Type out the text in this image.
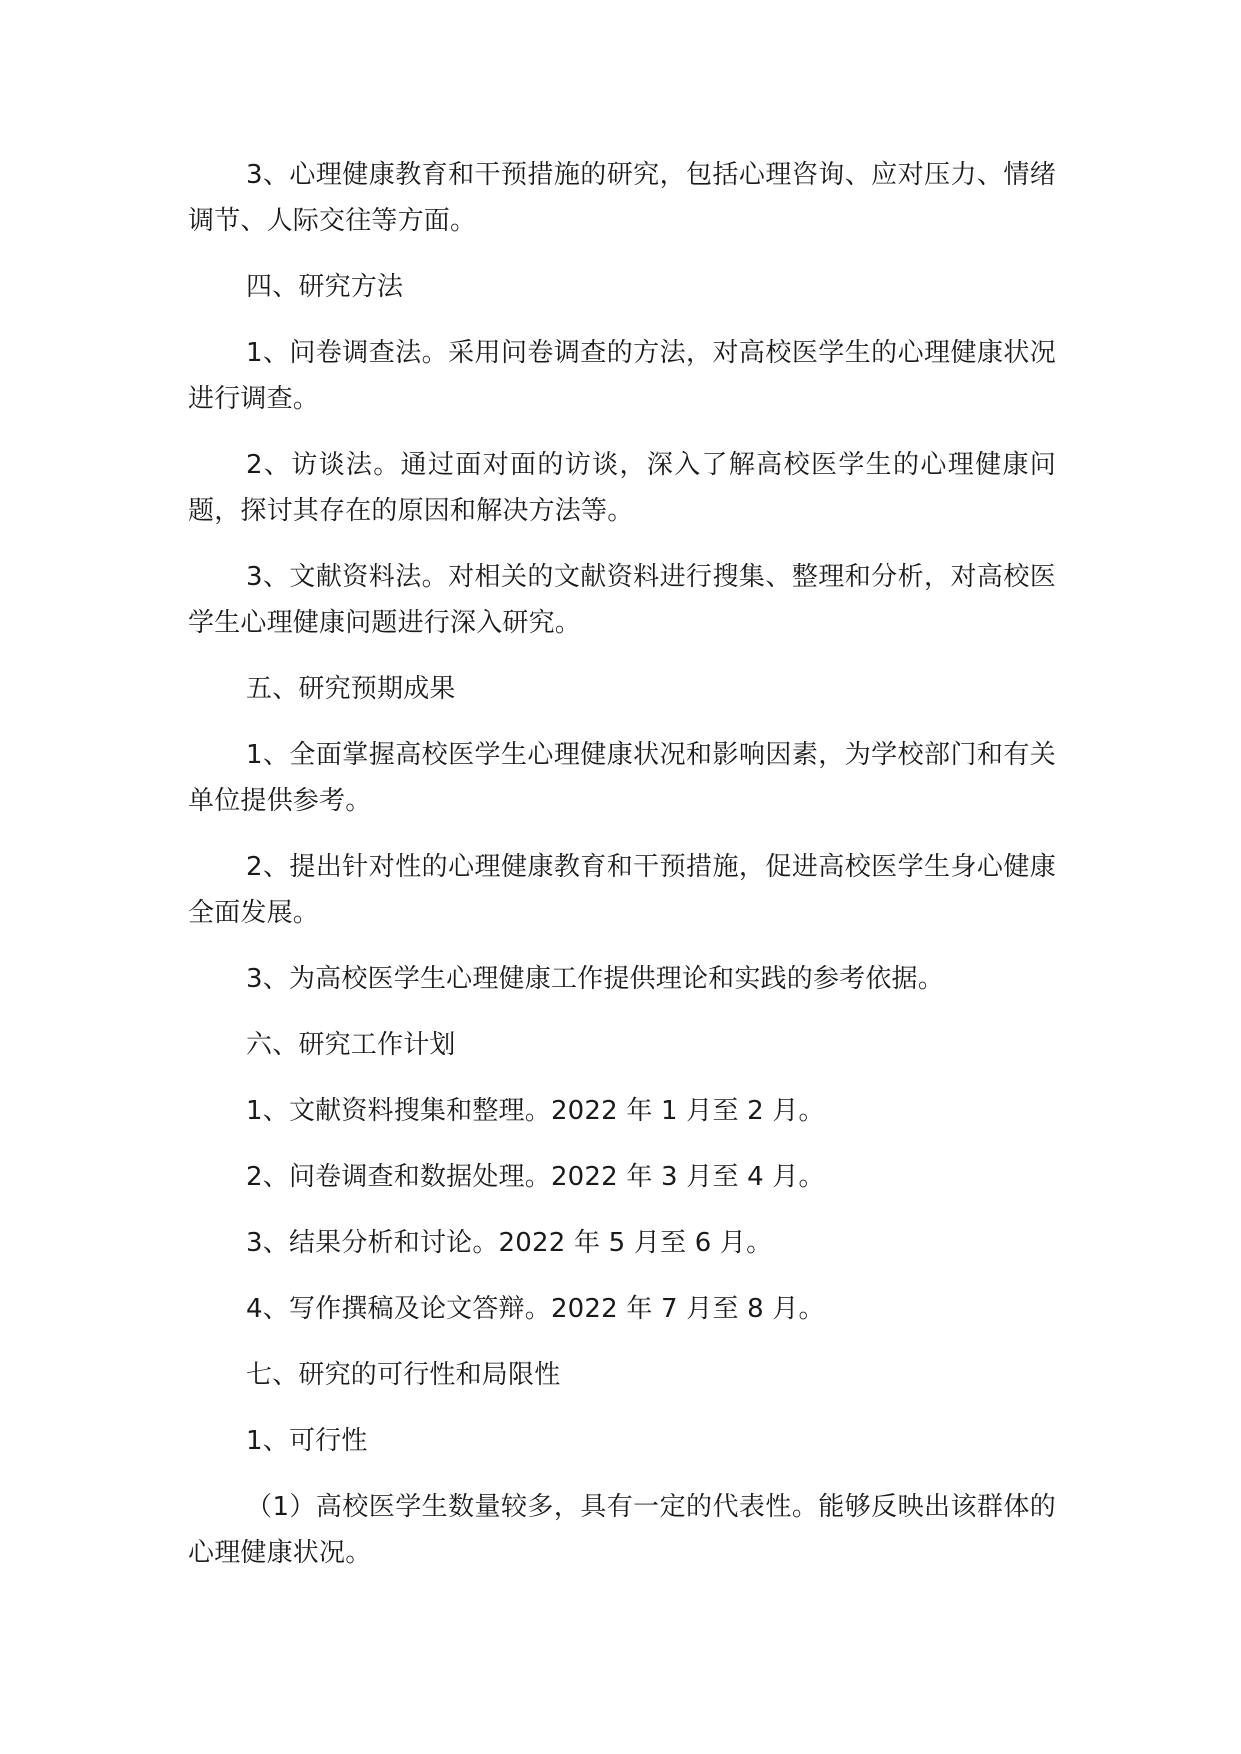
3、心理健康教育和干预措施的研究，包括心理咨询、应对压力、情绪调节、人际交往等方面。

四、研究方法

1、问卷调查法。采用问卷调查的方法，对高校医学生的心理健康状况进行调查。

2、访谈法。通过面对面的访谈，深入了解高校医学生的心理健康问题，探讨其存在的原因和解决方法等。

3、文献资料法。对相关的文献资料进行搜集、整理和分析，对高校医学生心理健康问题进行深入研究。

五、研究预期成果

1、全面掌握高校医学生心理健康状况和影响因素，为学校部门和有关单位提供参考。

2、提出针对性的心理健康教育和干预措施，促进高校医学生身心健康全面发展。

3、为高校医学生心理健康工作提供理论和实践的参考依据。

六、研究工作计划

1、文献资料搜集和整理。2022 年 1 月至 2 月。

2、问卷调查和数据处理。2022 年 3 月至 4 月。

3、结果分析和讨论。2022 年 5 月至 6 月。

4、写作撰稿及论文答辩。2022 年 7 月至 8 月。

七、研究的可行性和局限性

1、可行性

（1）高校医学生数量较多，具有一定的代表性。能够反映出该群体的心理健康状况。
